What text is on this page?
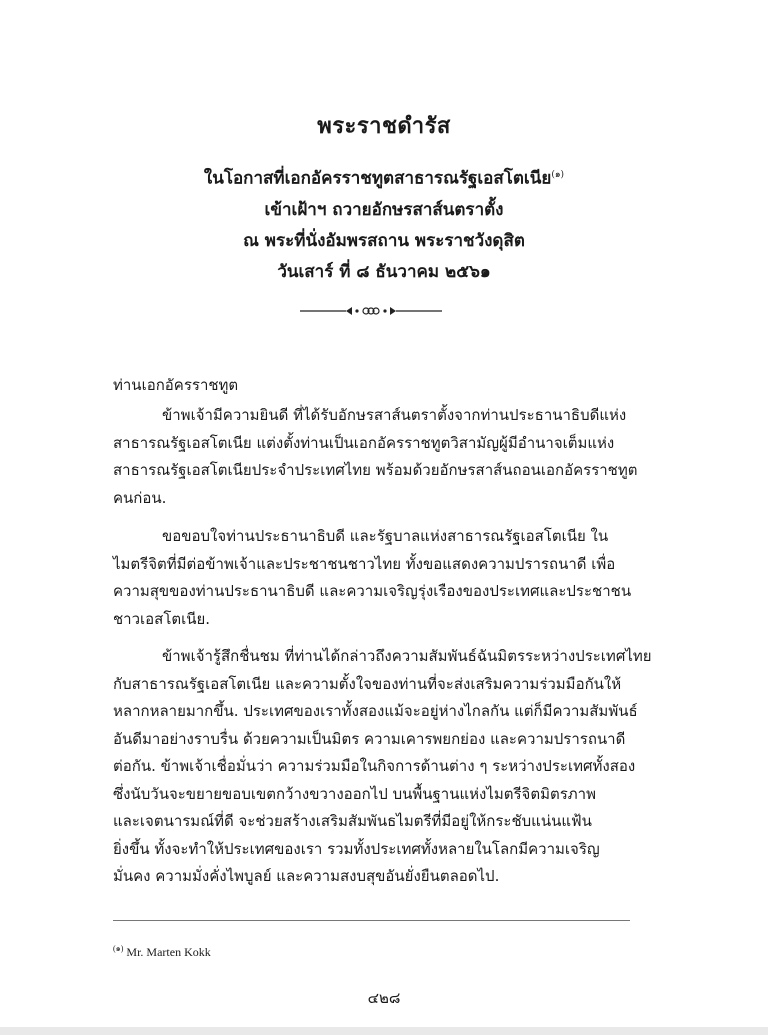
พระราชดำรัส
ในโอกาสที่เอกอัครราชทูตสาธารณรัฐเอสโตเนีย$^{(๑)}$
เข้าเฝ้าฯ ถวายอักษรสาส์นตราตั้ง
ณ พระที่นั่งอัมพรสถาน พระราชวังดุสิต
วันเสาร์ ที่ ๘ ธันวาคม ๒๕๖๑
ท่านเอกอัครราชทูต
ข้าพเจ้ามีความยินดี ที่ได้รับอักษรสาส์นตราตั้งจากท่านประธานาธิบดีแห่ง
สาธารณรัฐเอสโตเนีย แต่งตั้งท่านเป็นเอกอัครราชทูตวิสามัญผู้มีอำนาจเต็มแห่ง
สาธารณรัฐเอสโตเนียประจำประเทศไทย พร้อมด้วยอักษรสาส์นถอนเอกอัครราชทูต
คนก่อน.
ขอขอบใจท่านประธานาธิบดี และรัฐบาลแห่งสาธารณรัฐเอสโตเนีย ใน
ไมตรีจิตที่มีต่อข้าพเจ้าและประชาชนชาวไทย ทั้งขอแสดงความปรารถนาดี เพื่อ
ความสุขของท่านประธานาธิบดี และความเจริญรุ่งเรืองของประเทศและประชาชน
ชาวเอสโตเนีย.
ข้าพเจ้ารู้สึกชื่นชม ที่ท่านได้กล่าวถึงความสัมพันธ์ฉันมิตรระหว่างประเทศไทย
กับสาธารณรัฐเอสโตเนีย และความตั้งใจของท่านที่จะส่งเสริมความร่วมมือกันให้
หลากหลายมากขึ้น. ประเทศของเราทั้งสองแม้จะอยู่ห่างไกลกัน แต่ก็มีความสัมพันธ์
อันดีมาอย่างราบรื่น ด้วยความเป็นมิตร ความเคารพยกย่อง และความปรารถนาดี
ต่อกัน. ข้าพเจ้าเชื่อมั่นว่า ความร่วมมือในกิจการด้านต่าง ๆ ระหว่างประเทศทั้งสอง
ซึ่งนับวันจะขยายขอบเขตกว้างขวางออกไป บนพื้นฐานแห่งไมตรีจิตมิตรภาพ
และเจตนารมณ์ที่ดี จะช่วยสร้างเสริมสัมพันธไมตรีที่มีอยู่ให้กระชับแน่นแฟ้น
ยิ่งขึ้น ทั้งจะทำให้ประเทศของเรา รวมทั้งประเทศทั้งหลายในโลกมีความเจริญ
มั่นคง ความมั่งคั่งไพบูลย์ และความสงบสุขอันยั่งยืนตลอดไป.
$^{(๑)}$ Mr. Marten Kokk
๔๒๘
